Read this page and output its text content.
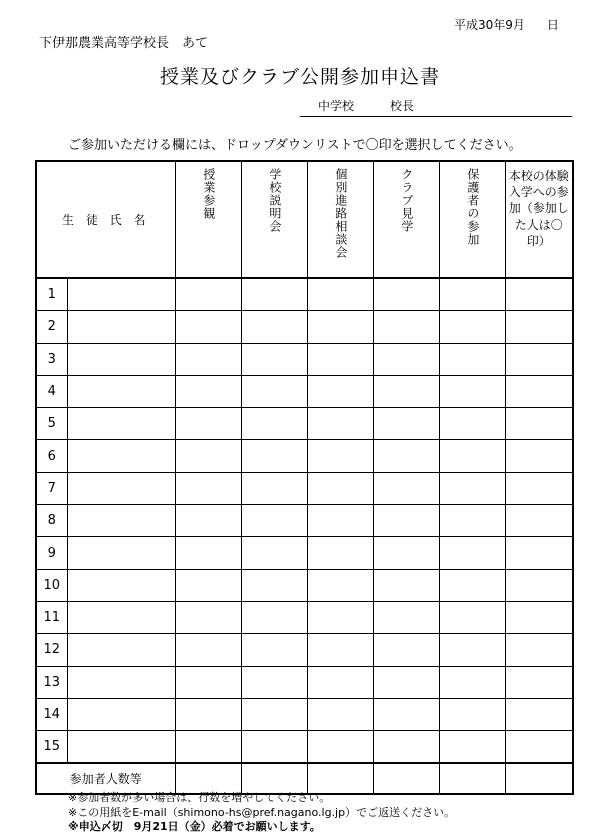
平成30年9月 日
下伊那農業高等学校長　あて
授業及びクラブ公開参加申込書
中学校	校長
ご参加いただける欄には、ドロップダウンリストで〇印を選択してください。
生 徒 氏 名		授業参観	学校説明会	個別進路相談会	クラブ見学	保護者の参加	本校の体験入学への参加（参加した人は〇印）
1							
2							
3							
4							
5							
6							
7							
8							
9							
10							
11							
12							
13							
14							
15							
参加者人数等							
※参加者数が多い場合は、行数を増やしてください。
※この用紙をE-mail（shimono-hs@pref.nagano.lg.jp）でご返送ください。
※申込〆切　9月21日（金）必着でお願いします。
